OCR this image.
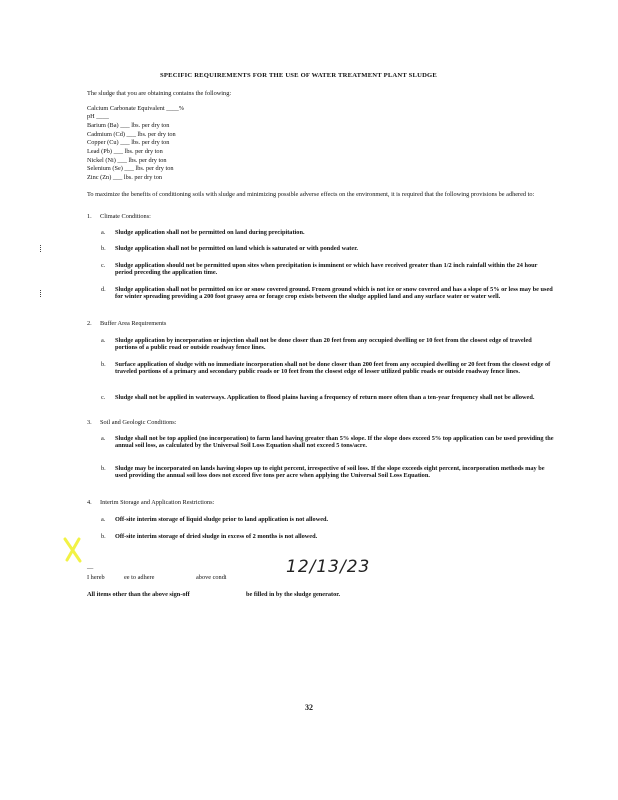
SPECIFIC REQUIREMENTS FOR THE USE OF WATER TREATMENT PLANT SLUDGE
The sludge that you are obtaining contains the following:
Calcium Carbonate Equivalent ____%
pH ____
Barium (Ba) ___ lbs. per dry ton
Cadmium (Cd) ___ lbs. per dry ton
Copper (Cu) ___ lbs. per dry ton
Lead (Pb) ___ lbs. per dry ton
Nickel (Ni) ___ lbs. per dry ton
Selenium (Se) ___ lbs. per dry ton
Zinc (Zn) ___ lbs. per dry ton
To maximize the benefits of conditioning soils with sludge and minimizing possible adverse effects on the environment, it is required that the following provisions be adhered to:
1. Climate Conditions:
a. Sludge application shall not be permitted on land during precipitation.
b. Sludge application shall not be permitted on land which is saturated or with ponded water.
c. Sludge application should not be permitted upon sites when precipitation is imminent or which have received greater than 1/2 inch rainfall within the 24 hour period preceding the application time.
d. Sludge application shall not be permitted on ice or snow covered ground. Frozen ground which is not ice or snow covered and has a slope of 5% or less may be used for winter spreading providing a 200 foot grassy area or forage crop exists between the sludge applied land and any surface water or water well.
2. Buffer Area Requirements
a. Sludge application by incorporation or injection shall not be done closer than 20 feet from any occupied dwelling or 10 feet from the closest edge of traveled portions of a public road or outside roadway fence lines.
b. Surface application of sludge with no immediate incorporation shall not be done closer than 200 feet from any occupied dwelling or 20 feet from the closest edge of traveled portions of a primary and secondary public roads or 10 feet from the closest edge of lesser utilized public roads or outside roadway fence lines.
c. Sludge shall not be applied in waterways. Application to flood plains having a frequency of return more often than a ten-year frequency shall not be allowed.
3. Soil and Geologic Conditions:
a. Sludge shall not be top applied (no incorporation) to farm land having greater than 5% slope. If the slope does exceed 5% top application can be used providing the annual soil loss, as calculated by the Universal Soil Loss Equation shall not exceed 5 tons/acre.
b. Sludge may be incorporated on lands having slopes up to eight percent, irrespective of soil loss. If the slope exceeds eight percent, incorporation methods may be used providing the annual soil loss does not exceed five tons per acre when applying the Universal Soil Loss Equation.
4. Interim Storage and Application Restrictions:
a. Off-site interim storage of liquid sludge prior to land application is not allowed.
b. Off-site interim storage of dried sludge in excess of 2 months is not allowed.
__	12/13/23
I hereb	ee to adhere	above condi
All items other than the above sign-off	be filled in by the sludge generator.
32
